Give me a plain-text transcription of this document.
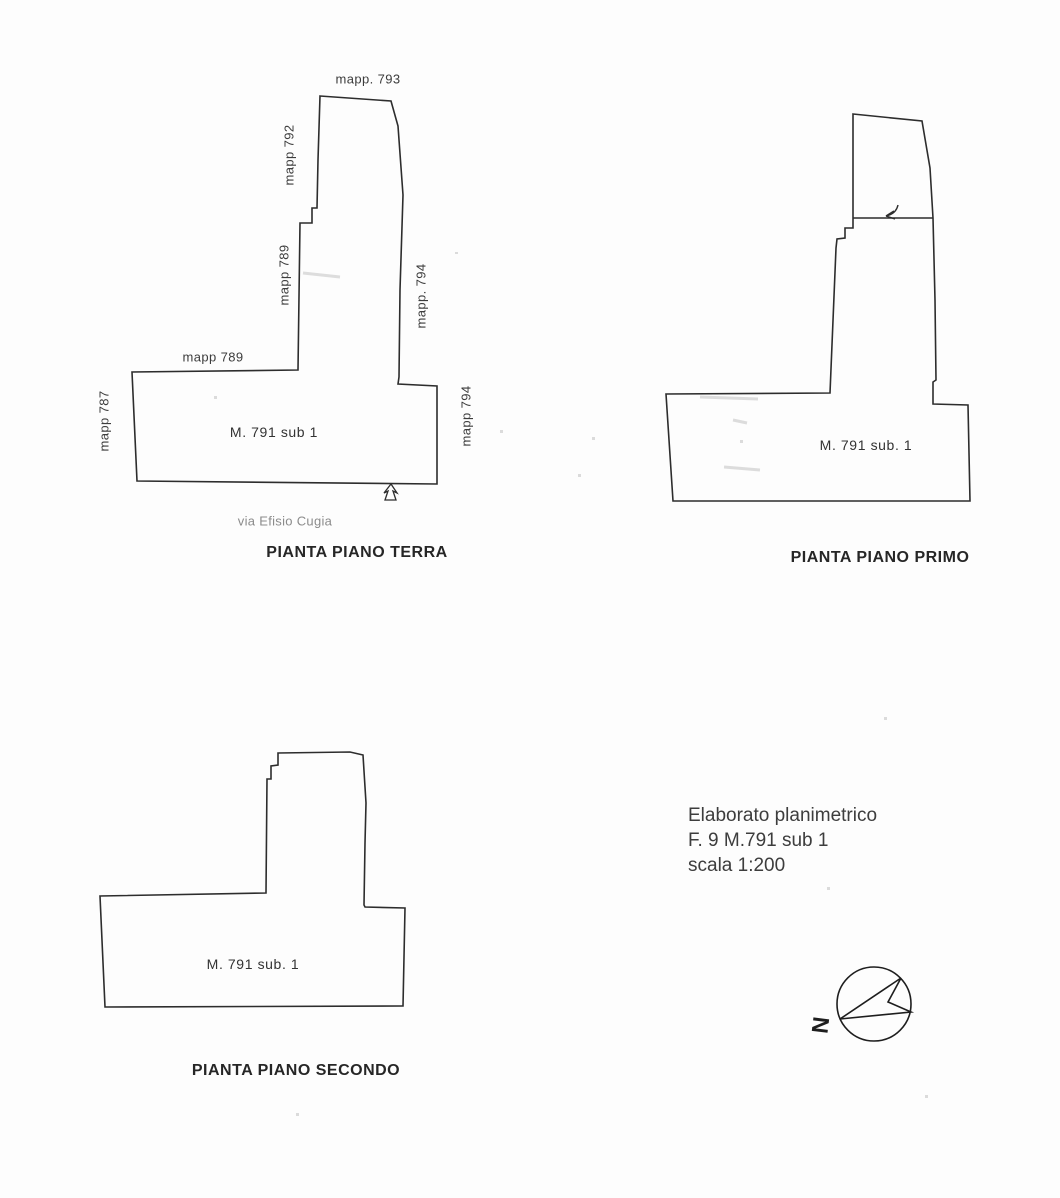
mapp. 793
mapp 792
mapp 789	mapp. 794
mapp 789
mapp 787	mapp 794
M. 791 sub 1
via Efisio Cugia
PIANTA PIANO TERRA
M. 791 sub. 1
PIANTA PIANO PRIMO
M. 791 sub. 1
PIANTA PIANO SECONDO
Elaborato planimetrico
F. 9 M.791 sub 1
scala 1:200
N
